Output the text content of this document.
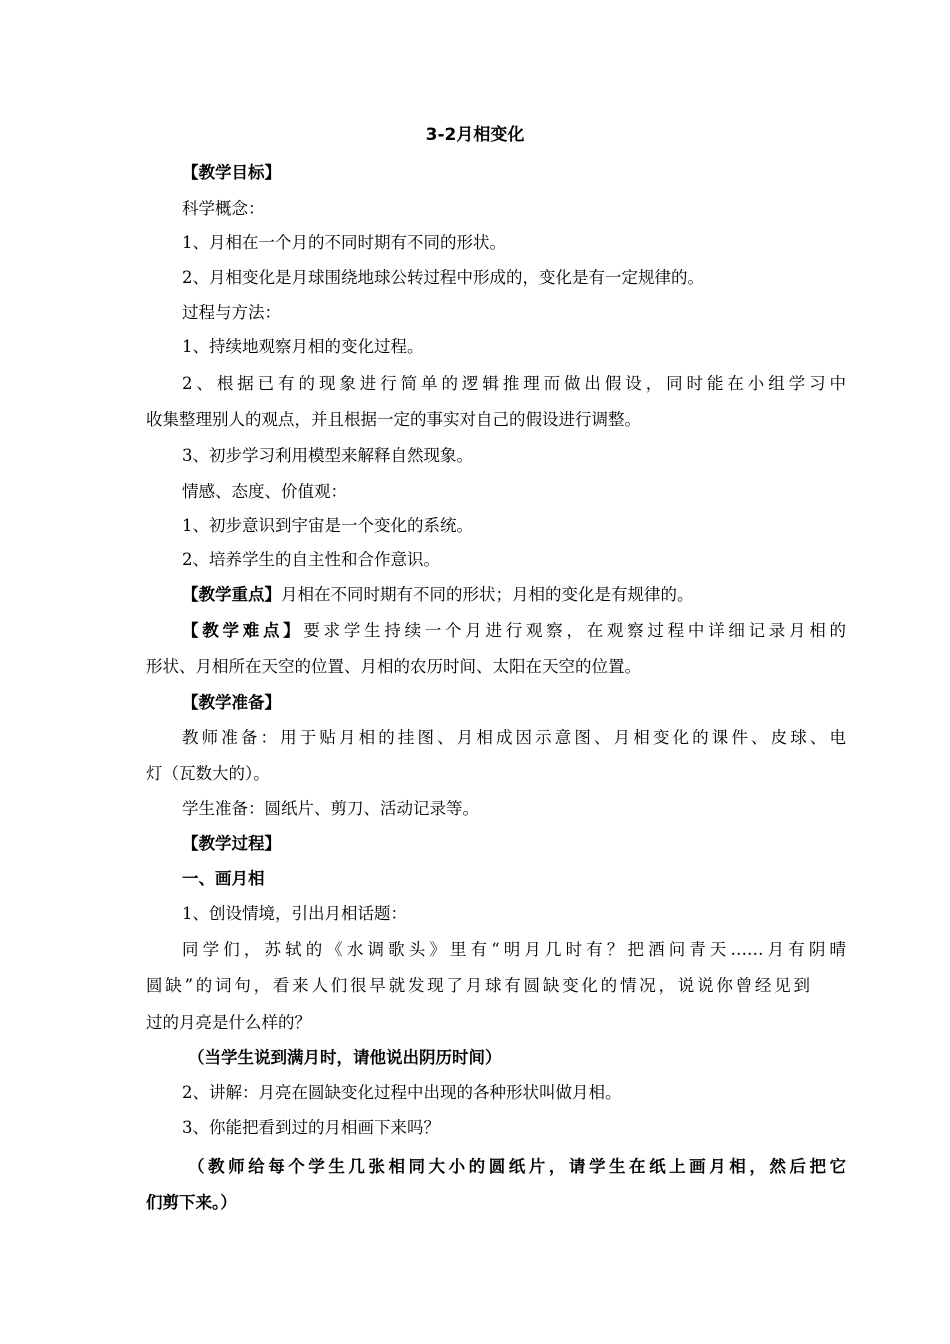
3-2月相变化
【教学目标】
科学概念：
1、月相在一个月的不同时期有不同的形状。
2、月相变化是月球围绕地球公转过程中形成的，变化是有一定规律的。
过程与方法：
1、持续地观察月相的变化过程。
2、根据已有的现象进行简单的逻辑推理而做出假设，同时能在小组学习中
收集整理别人的观点，并且根据一定的事实对自己的假设进行调整。
3、初步学习利用模型来解释自然现象。
情感、态度、价值观：
1、初步意识到宇宙是一个变化的系统。
2、培养学生的自主性和合作意识。
【教学重点】月相在不同时期有不同的形状；月相的变化是有规律的。
【教学难点】要求学生持续一个月进行观察，在观察过程中详细记录月相的
形状、月相所在天空的位置、月相的农历时间、太阳在天空的位置。
【教学准备】
教师准备：用于贴月相的挂图、月相成因示意图、月相变化的课件、皮球、电
灯（瓦数大的）。
学生准备：圆纸片、剪刀、活动记录等。
【教学过程】
一、画月相
1、创设情境，引出月相话题：
同学们，苏轼的《水调歌头》里有“明月几时有？把酒问青天……月有阴晴
圆缺”的词句，看来人们很早就发现了月球有圆缺变化的情况，说说你曾经见到
过的月亮是什么样的？
（当学生说到满月时，请他说出阴历时间）
2、讲解：月亮在圆缺变化过程中出现的各种形状叫做月相。
3、你能把看到过的月相画下来吗？
（教师给每个学生几张相同大小的圆纸片，请学生在纸上画月相，然后把它
们剪下来。）
